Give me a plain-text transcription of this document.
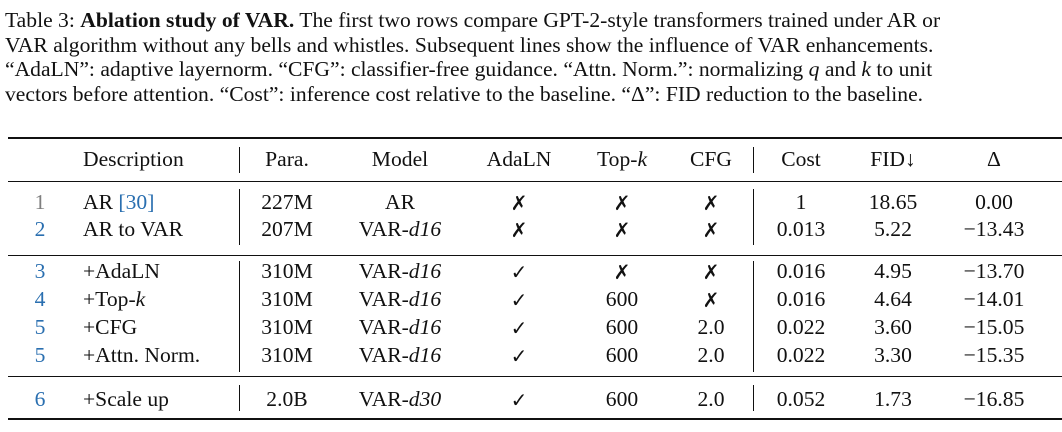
Table 3: Ablation study of VAR. The first two rows compare GPT-2-style transformers trained under AR or
VAR algorithm without any bells and whistles. Subsequent lines show the influence of VAR enhancements.
“AdaLN”: adaptive layernorm. “CFG”: classifier-free guidance. “Attn. Norm.”: normalizing q and k to unit
vectors before attention. “Cost”: inference cost relative to the baseline. “Δ”: FID reduction to the baseline.
Description	Para.	Model	AdaLN Top-k CFG Cost FID↓	Δ
1 AR [30]	227M	AR	✗	✗	✗	1	18.65	0.00
2 AR to VAR	207M VAR-d16	✗	✗	✗	0.013 5.22 −13.43
3 +AdaLN	310M VAR-d16	✓	✗	✗	0.016 4.95 −13.70
4 +Top-k	310M VAR-d16	✓	600	✗	0.016 4.64 −14.01
5 +CFG	310M VAR-d16	✓	600	2.0 0.022 3.60 −15.05
5 +Attn. Norm.	310M VAR-d16	✓	600	2.0 0.022 3.30 −15.35
6 +Scale up	2.0B VAR-d30	✓	600	2.0 0.052 1.73 −16.85
